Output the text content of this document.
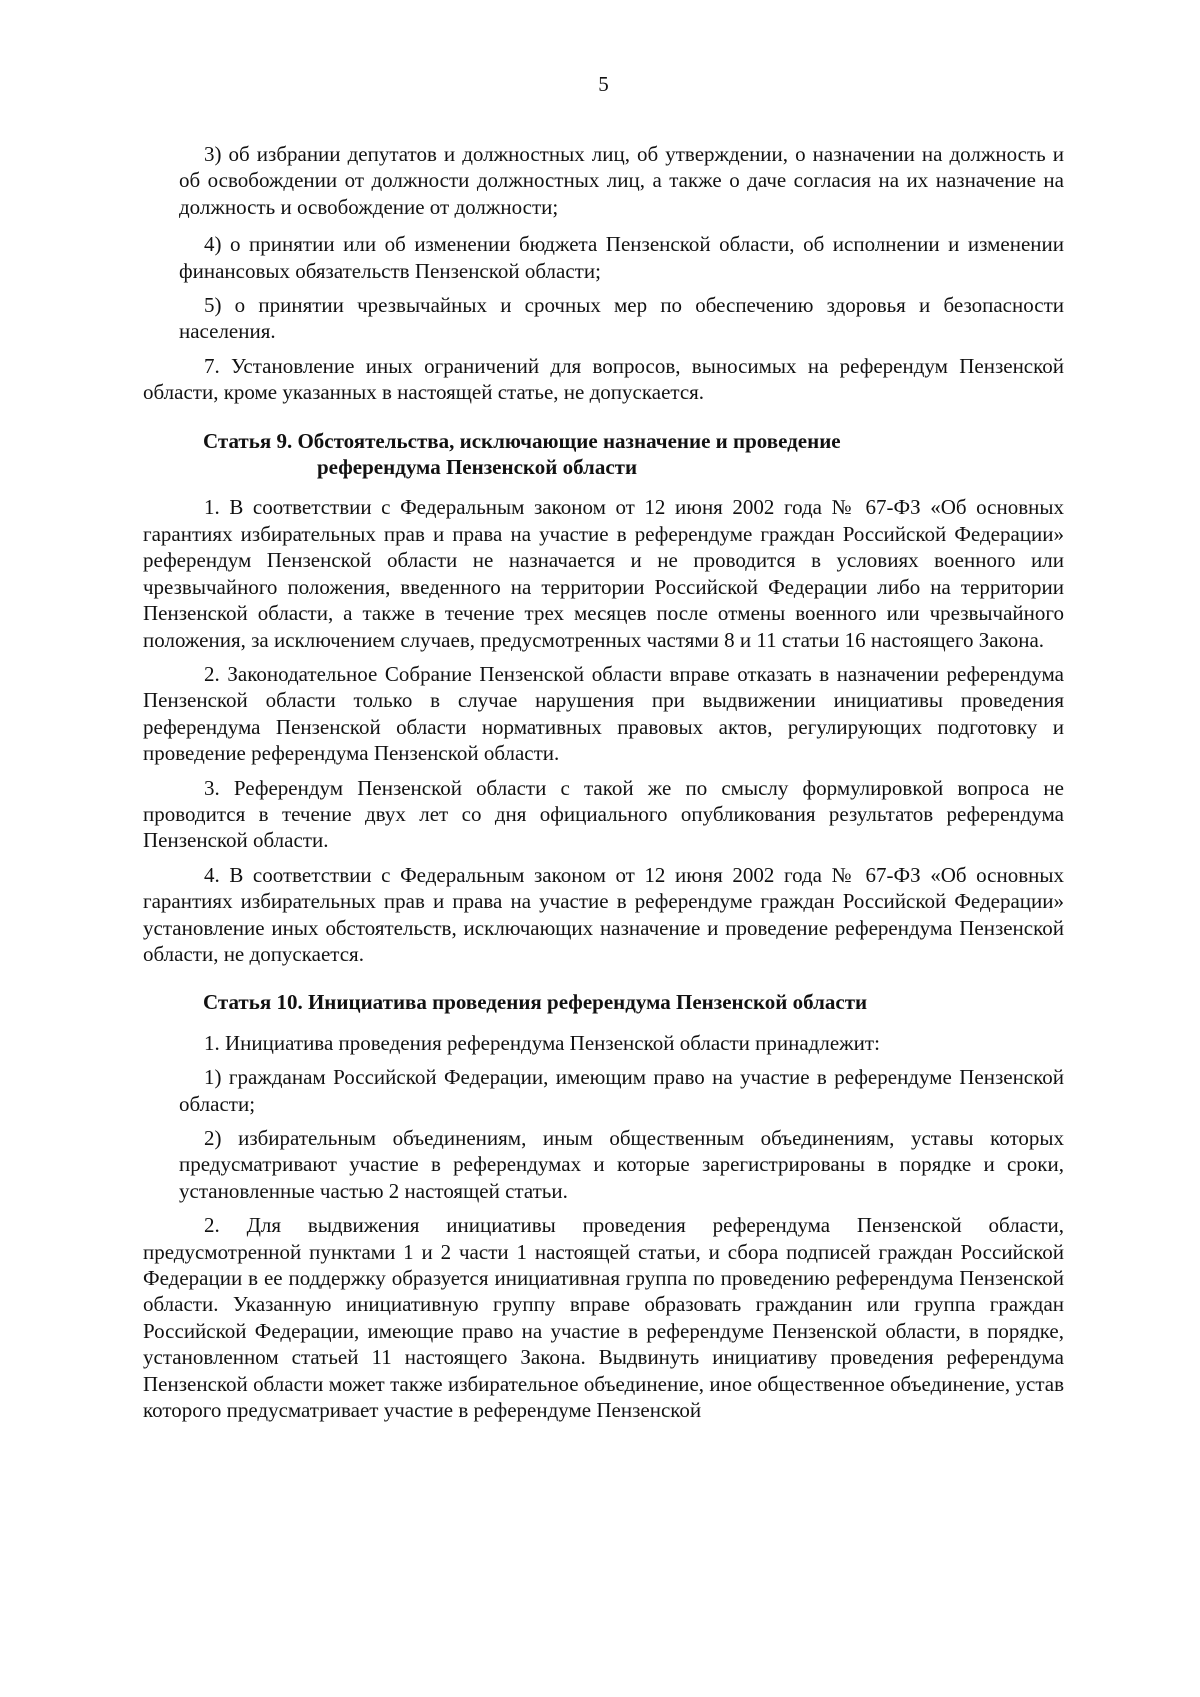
5

3) об избрании депутатов и должностных лиц, об утверждении, о назначении на должность и об освобождении от должности должностных лиц, а также о даче согласия на их назначение на должность и освобождение от должности;

4) о принятии или об изменении бюджета Пензенской области, об исполнении и изменении финансовых обязательств Пензенской области;

5) о принятии чрезвычайных и срочных мер по обеспечению здоровья и безопасности населения.

7. Установление иных ограничений для вопросов, выносимых на референдум Пензенской области, кроме указанных в настоящей статье, не допускается.

Статья 9. Обстоятельства, исключающие назначение и проведение
референдума Пензенской области

1. В соответствии с Федеральным законом от 12 июня 2002 года № 67-ФЗ «Об основных гарантиях избирательных прав и права на участие в референдуме граждан Российской Федерации» референдум Пензенской области не назначается и не проводится в условиях военного или чрезвычайного положения, введенного на территории Российской Федерации либо на территории Пензенской области, а также в течение трех месяцев после отмены военного или чрезвычайного положения, за исключением случаев, предусмотренных частями 8 и 11 статьи 16 настоящего Закона.

2. Законодательное Собрание Пензенской области вправе отказать в назначении референдума Пензенской области только в случае нарушения при выдвижении инициативы проведения референдума Пензенской области нормативных правовых актов, регулирующих подготовку и проведение референдума Пензенской области.

3. Референдум Пензенской области с такой же по смыслу формулировкой вопроса не проводится в течение двух лет со дня официального опубликования результатов референдума Пензенской области.

4. В соответствии с Федеральным законом от 12 июня 2002 года № 67-ФЗ «Об основных гарантиях избирательных прав и права на участие в референдуме граждан Российской Федерации» установление иных обстоятельств, исключающих назначение и проведение референдума Пензенской области, не допускается.

Статья 10. Инициатива проведения референдума Пензенской области

1. Инициатива проведения референдума Пензенской области принадлежит:

1) гражданам Российской Федерации, имеющим право на участие в референдуме Пензенской области;

2) избирательным объединениям, иным общественным объединениям, уставы которых предусматривают участие в референдумах и которые зарегистрированы в порядке и сроки, установленные частью 2 настоящей статьи.

2. Для выдвижения инициативы проведения референдума Пензенской области, предусмотренной пунктами 1 и 2 части 1 настоящей статьи, и сбора подписей граждан Российской Федерации в ее поддержку образуется инициативная группа по проведению референдума Пензенской области. Указанную инициативную группу вправе образовать гражданин или группа граждан Российской Федерации, имеющие право на участие в референдуме Пензенской области, в порядке, установленном статьей 11 настоящего Закона. Выдвинуть инициативу проведения референдума Пензенской области может также избирательное объединение, иное общественное объединение, устав которого предусматривает участие в референдуме Пензенской
